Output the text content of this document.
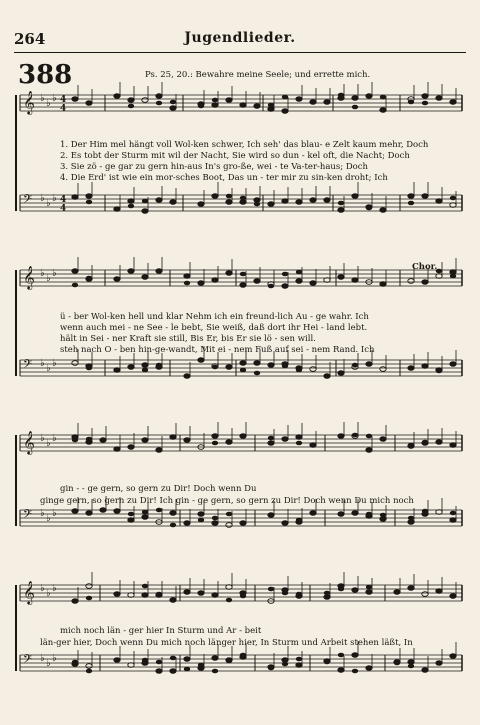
264	Jugendlieder.
388	Ps. 25, 20.: Bewahre meine Seele; und errette mich.
𝄞 ♭ ♭ ♭ 4
4
𝄢 ♭ ♭ ♭ 4
4
𝄞 ♭ ♭ ♭
𝄢 ♭ ♭ ♭
𝄞 ♭ ♭ ♭
𝄢 ♭ ♭ ♭
𝄞 ♭ ♭ ♭
𝄢 ♭ ♭ ♭
1. Der Him mel hängt voll Wol-ken schwer, Ich seh' das blau- e Zelt kaum mehr, Doch
2. Es tobt der Sturm mit wil der Nacht, Sie wird so dun - kel oft, die Nacht; Doch
3. Sie zö - ge gar zu gern hin-aus In's gro-ße, wei - te Va-ter-haus; Doch
4. Die Erd' ist wie ein mor-sches Boot, Das un - ter mir zu sin-ken droht; Ich
Chor.
ü - ber Wol-ken hell und klar Nehm ich ein freund-lich Au - ge wahr. Ich
wenn auch mei - ne See - le bebt, Sie weiß, daß dort ihr Hei - land lebt.
hält in Sei - ner Kraft sie still, Bis Er, bis Er sie lö - sen will.
steh nach O - ben hin-ge-wandt, Mit ei - nem Fuß auf sei - nem Rand. Ich
gin - - ge gern, so gern zu Dir! Doch wenn Du
ginge gern, so gern zu Dir! Ich gin - ge gern, so gern zu Dir! Doch wenn Du mich noch
mich noch län - ger hier In Sturm und Ar - beit
län-ger hier, Doch wenn Du mich noch länger hier, In Sturm und Arbeit stehen läßt, In
